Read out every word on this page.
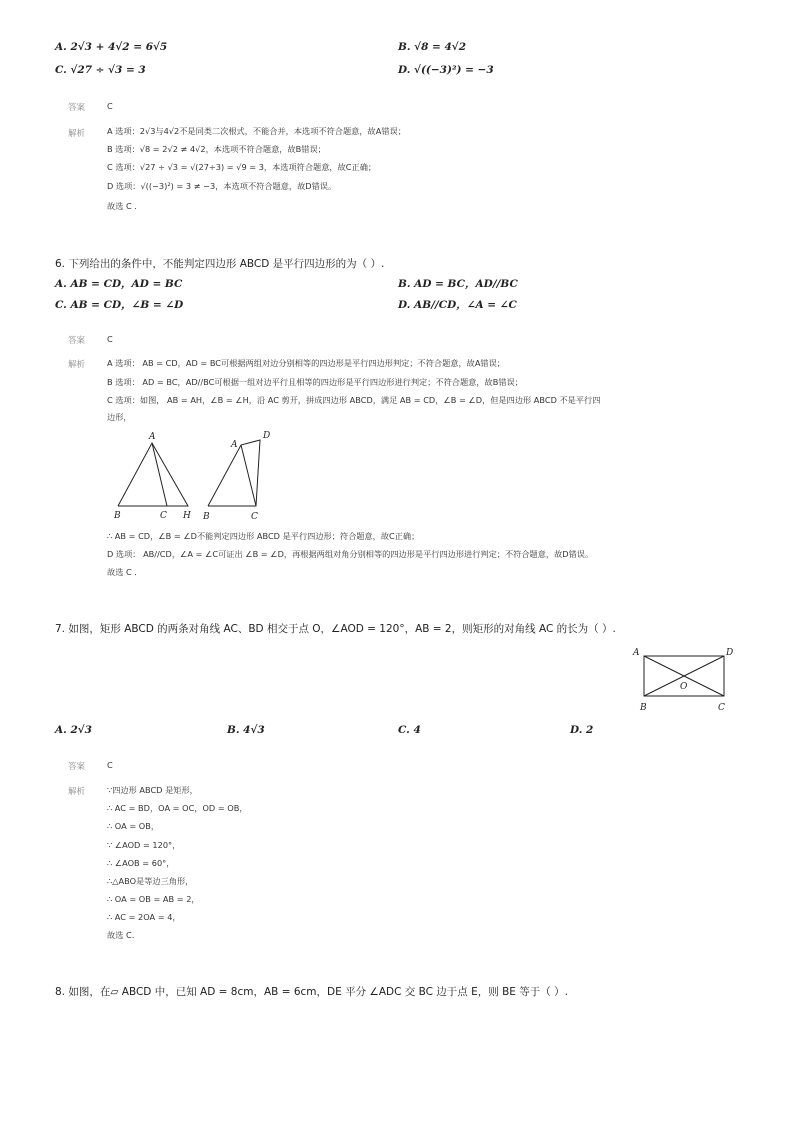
A. 2√3 + 4√2 = 6√5	B. √8 = 4√2
C. √27 ÷ √3 = 3	D. √((−3)²) = −3
答案	C
解析	A 选项：2√3与4√2不是同类二次根式，不能合并，本选项不符合题意，故A错误；
B 选项：√8 = 2√2 ≠ 4√2，本选项不符合题意，故B错误；
C 选项：√27 ÷ √3 = √(27÷3) = √9 = 3，本选项符合题意，故C正确；
D 选项：√((−3)²) = 3 ≠ −3，本选项不符合题意，故D错误。
故选 C .
6. 下列给出的条件中，不能判定四边形 ABCD 是平行四边形的为（ ）.
A. AB = CD，AD = BC	B. AD = BC，AD//BC
C. AB = CD，∠B = ∠D	D. AB//CD，∠A = ∠C
答案	C
解析	A 选项： AB = CD，AD = BC可根据两组对边分别相等的四边形是平行四边形判定；不符合题意，故A错误；
B 选项： AD = BC，AD//BC可根据一组对边平行且相等的四边形是平行四边形进行判定；不符合题意，故B错误；
C 选项：如图， AB = AH，∠B = ∠H，沿 AC 剪开，拼成四边形 ABCD，满足 AB = CD，∠B = ∠D，但是四边形 ABCD 不是平行四
边形，
A
B	C H
A
D
B	C
∴ AB = CD，∠B = ∠D不能判定四边形 ABCD 是平行四边形；符合题意，故C正确；
D 选项： AB//CD，∠A = ∠C可证出 ∠B = ∠D，再根据两组对角分别相等的四边形是平行四边形进行判定；不符合题意，故D错误。
故选 C .
7. 如图，矩形 ABCD 的两条对角线 AC、BD 相交于点 O，∠AOD = 120°，AB = 2，则矩形的对角线 AC 的长为（ ）.
A	D
O
B	C
A. 2√3	B. 4√3	C. 4	D. 2
答案	C
解析	∵四边形 ABCD 是矩形，
∴ AC = BD，OA = OC，OD = OB，
∴ OA = OB，
∵ ∠AOD = 120°，
∴ ∠AOB = 60°，
∴△ABO是等边三角形，
∴ OA = OB = AB = 2，
∴ AC = 2OA = 4，
故选 C.
8. 如图，在▱ ABCD 中，已知 AD = 8cm，AB = 6cm，DE 平分 ∠ADC 交 BC 边于点 E，则 BE 等于（ ）.
